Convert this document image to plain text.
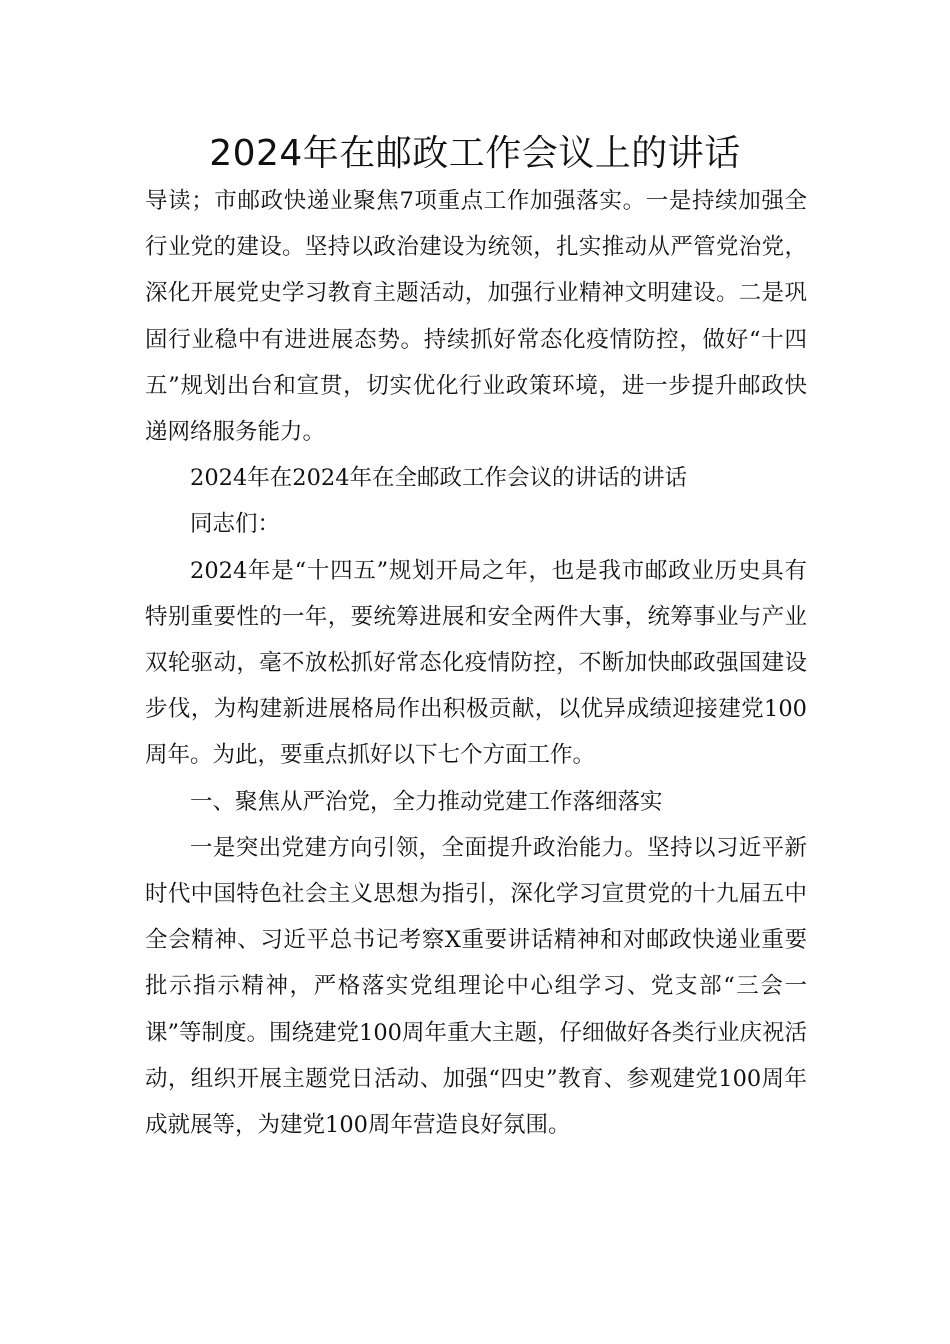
2024年在邮政工作会议上的讲话

导读；市邮政快递业聚焦7项重点工作加强落实。一是持续加强全行业党的建设。坚持以政治建设为统领，扎实推动从严管党治党，深化开展党史学习教育主题活动，加强行业精神文明建设。二是巩固行业稳中有进进展态势。持续抓好常态化疫情防控，做好“十四五”规划出台和宣贯，切实优化行业政策环境，进一步提升邮政快递网络服务能力。

2024年在2024年在全邮政工作会议的讲话的讲话

同志们：

2024年是“十四五”规划开局之年，也是我市邮政业历史具有特别重要性的一年，要统筹进展和安全两件大事，统筹事业与产业双轮驱动，毫不放松抓好常态化疫情防控，不断加快邮政强国建设步伐，为构建新进展格局作出积极贡献，以优异成绩迎接建党100周年。为此，要重点抓好以下七个方面工作。

一、聚焦从严治党，全力推动党建工作落细落实

一是突出党建方向引领，全面提升政治能力。坚持以习近平新时代中国特色社会主义思想为指引，深化学习宣贯党的十九届五中全会精神、习近平总书记考察X重要讲话精神和对邮政快递业重要批示指示精神，严格落实党组理论中心组学习、党支部“三会一课”等制度。围绕建党100周年重大主题，仔细做好各类行业庆祝活动，组织开展主题党日活动、加强“四史”教育、参观建党100周年成就展等，为建党100周年营造良好氛围。
